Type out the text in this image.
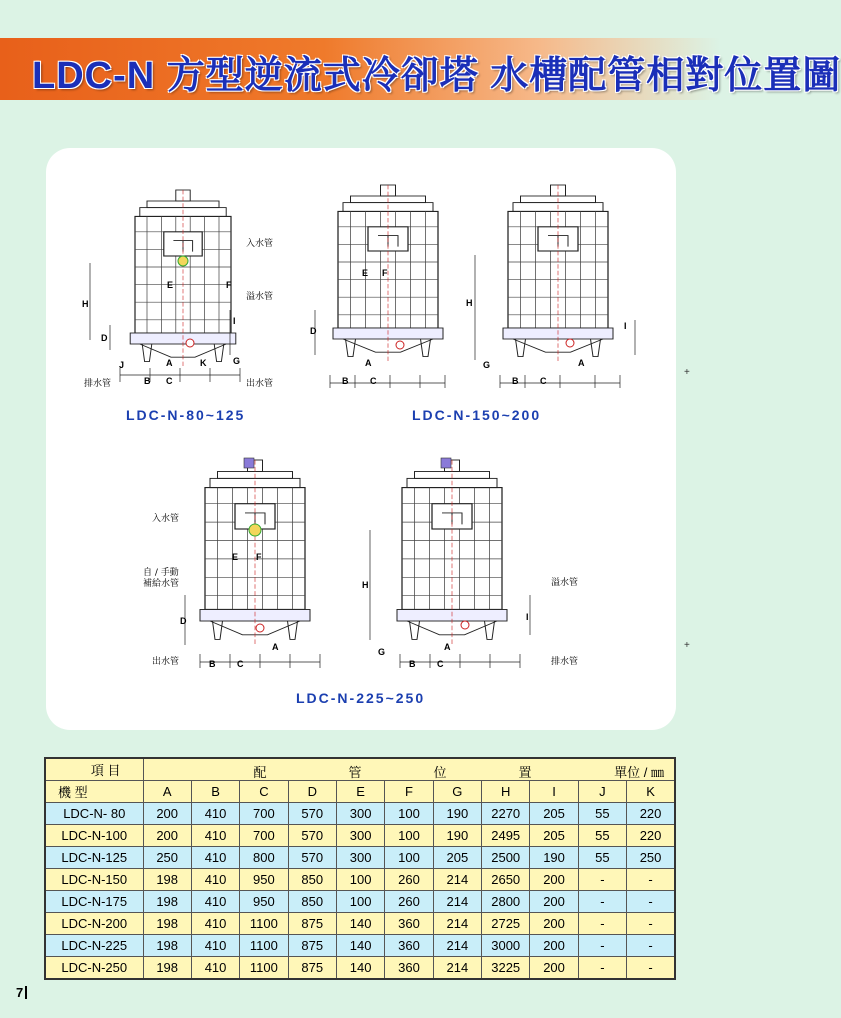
LDC-N 方型逆流式冷卻塔 水槽配管相對位置圖
入水管
溢水管
排水管	出水管
H
D
E	F
I
J	K
A	G
B C
LDC-N-80~125
E F
D
A
B C
H
I
G	A
B C
LDC-N-150~200
入水管
自 / 手動
補給水管
出水管
E F
D
A
B C
溢水管
排水管
H
I
G	A
B C
LDC-N-225~250
+
+
項 目	配 管 位 置 單位 / ㎜										

機 型	A	B	C	D	E	F	G	H	I	J	K
LDC-N- 80	200	410	700	570	300	100	190	2270	205	55	220
LDC-N-100	200	410	700	570	300	100	190	2495	205	55	220
LDC-N-125	250	410	800	570	300	100	205	2500	190	55	250
LDC-N-150	198	410	950	850	100	260	214	2650	200	-	-
LDC-N-175	198	410	950	850	100	260	214	2800	200	-	-
LDC-N-200	198	410	1100	875	140	360	214	2725	200	-	-
LDC-N-225	198	410	1100	875	140	360	214	3000	200	-	-
LDC-N-250	198	410	1100	875	140	360	214	3225	200	-	-
7
